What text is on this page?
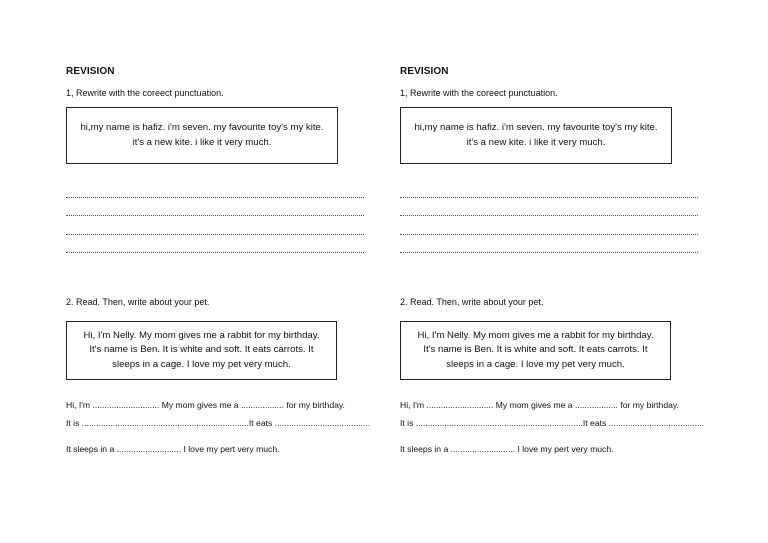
REVISION
1, Rewrite with the coreect punctuation.
hi,my name is hafiz. i'm seven. my favourite toy's my kite.
it's a new kite. i like it very much.
2. Read. Then, write about your pet.
Hi, I'm Nelly. My mom gives me a rabbit for my birthday.
It's name is Ben. It is white and soft. It eats carrots. It
sleeps in a cage. I love my pet very much.
Hi, I'm ............................ My mom gives me a .................. for my birthday.
It is ......................................................................It eats ........................................
It sleeps in a ........................... I love my pert very much.
REVISION
1, Rewrite with the coreect punctuation.
hi,my name is hafiz. i'm seven. my favourite toy's my kite.
it's a new kite. i like it very much.
2. Read. Then, write about your pet.
Hi, I'm Nelly. My mom gives me a rabbit for my birthday.
It's name is Ben. It is white and soft. It eats carrots. It
sleeps in a cage. I love my pet very much.
Hi, I'm ............................ My mom gives me a .................. for my birthday.
It is ......................................................................It eats ........................................
It sleeps in a ........................... I love my pert very much.
